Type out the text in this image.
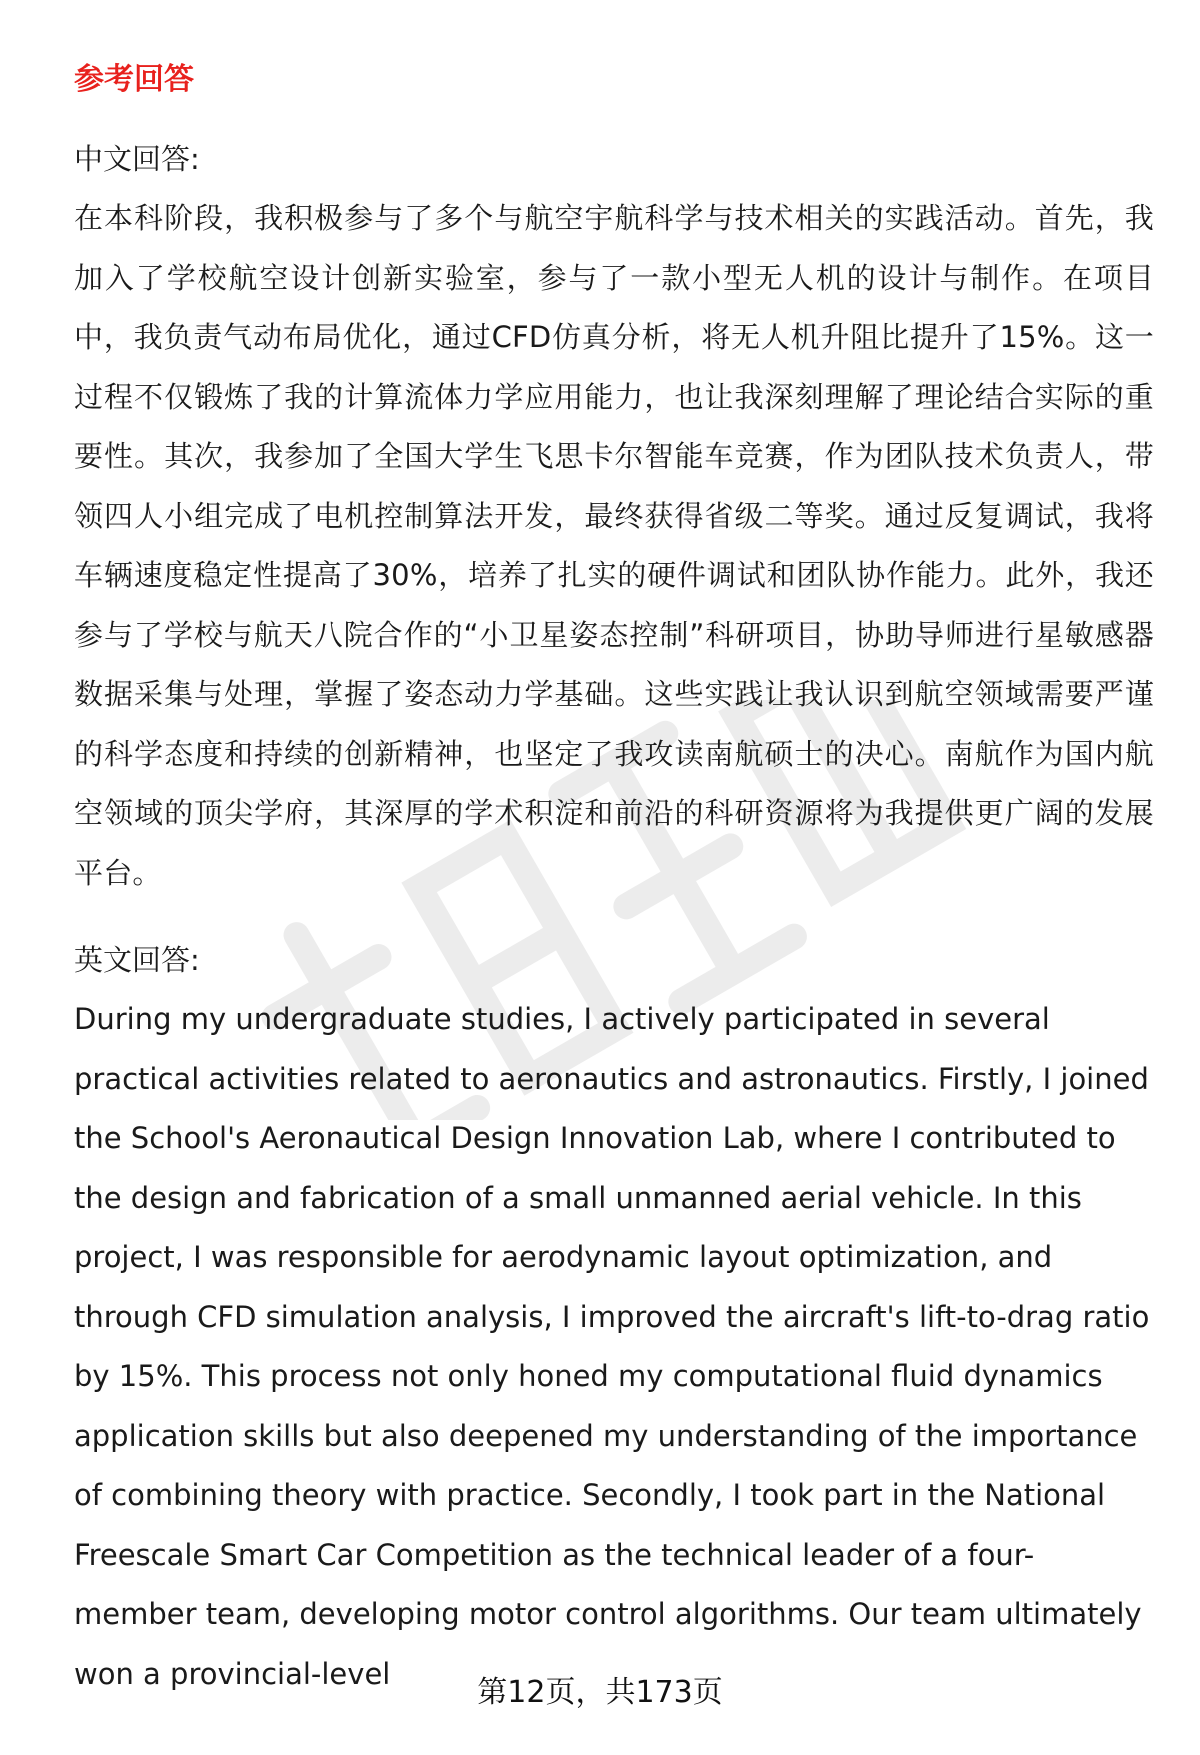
参考回答

中文回答:

在本科阶段，我积极参与了多个与航空宇航科学与技术相关的实践活动。首先，我加入了学校航空设计创新实验室，参与了一款小型无人机的设计与制作。在项目中，我负责气动布局优化，通过CFD仿真分析，将无人机升阻比提升了15%。这一过程不仅锻炼了我的计算流体力学应用能力，也让我深刻理解了理论结合实际的重要性。其次，我参加了全国大学生飞思卡尔智能车竞赛，作为团队技术负责人，带领四人小组完成了电机控制算法开发，最终获得省级二等奖。通过反复调试，我将车辆速度稳定性提高了30%，培养了扎实的硬件调试和团队协作能力。此外，我还参与了学校与航天八院合作的“小卫星姿态控制”科研项目，协助导师进行星敏感器数据采集与处理，掌握了姿态动力学基础。这些实践让我认识到航空领域需要严谨的科学态度和持续的创新精神，也坚定了我攻读南航硕士的决心。南航作为国内航空领域的顶尖学府，其深厚的学术积淀和前沿的科研资源将为我提供更广阔的发展平台。

英文回答:

During my undergraduate studies, I actively participated in several practical activities related to aeronautics and astronautics. Firstly, I joined the School's Aeronautical Design Innovation Lab, where I contributed to the design and fabrication of a small unmanned aerial vehicle. In this project, I was responsible for aerodynamic layout optimization, and through CFD simulation analysis, I improved the aircraft's lift-to-drag ratio by 15%. This process not only honed my computational fluid dynamics application skills but also deepened my understanding of the importance of combining theory with practice. Secondly, I took part in the National Freescale Smart Car Competition as the technical leader of a four-member team, developing motor control algorithms. Our team ultimately won a provincial-level

第12页，共173页
